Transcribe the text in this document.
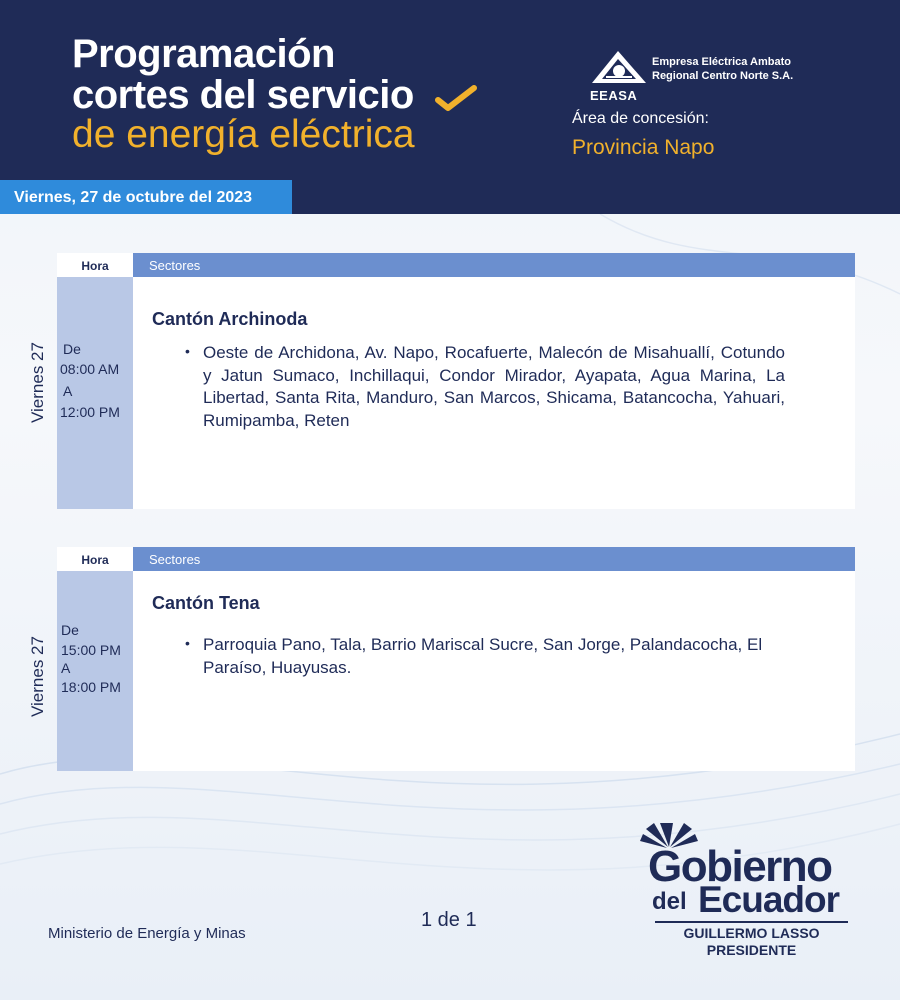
Programación
cortes del servicio
de energía eléctrica
EEASA
Empresa Eléctrica Ambato
Regional Centro Norte S.A.
Área de concesión:
Provincia Napo
Viernes, 27 de octubre del 2023
Viernes 27
Hora	Sectores
De
08:00 AM
A
12:00 PM
Cantón Archinoda
• Oeste de Archidona, Av. Napo, Rocafuerte, Malecón de Misahuallí, Cotundo y Jatun Sumaco, Inchillaqui, Condor Mirador, Ayapata, Agua Marina, La Libertad, Santa Rita, Manduro, San Marcos, Shicama, Batancocha, Yahuari, Rumipamba, Reten
Viernes 27
Hora	Sectores
De
15:00 PM
A
18:00 PM
Cantón Tena
• Parroquia Pano, Tala, Barrio Mariscal Sucre, San Jorge, Palandacocha, El Paraíso, Huayusas.
Ministerio de Energía y Minas
1 de 1
Gobierno
del Ecuador
GUILLERMO LASSO
PRESIDENTE
